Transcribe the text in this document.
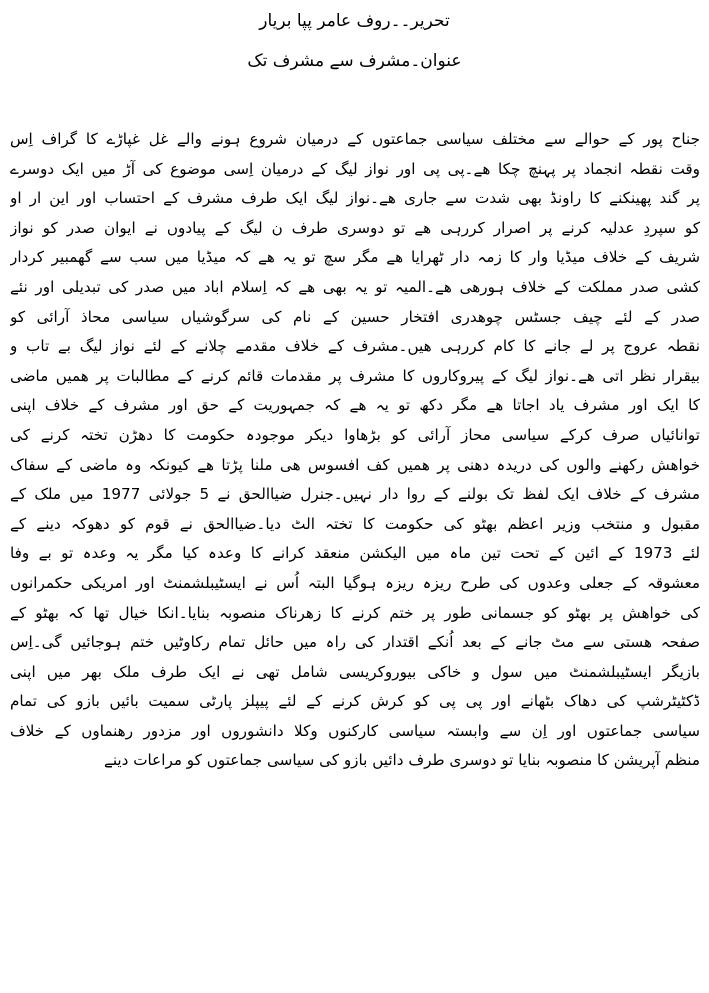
تحریر۔۔روف عامر پپا بریار
عنوان۔مشرف سے مشرف تک
جناح پور کے حوالے سے مختلف سیاسی جماعتوں کے درمیان شروع ہونے والے غل غپاڑے کا گراف اِس
وقت نقطہ انجماد پر پہنچ چکا ھے۔پی پی اور نواز لیگ کے درمیان اِسی موضوع کی آڑ میں ایک دوسرے
پر گند پھینکنے کا راونڈ بھی شدت سے جاری ھے۔نواز لیگ ایک طرف مشرف کے احتساب اور این ار او
کو سپردِ عدلیہ کرنے پر اصرار کررہی ھے تو دوسری طرف ن لیگ کے پیادوں نے ایوان صدر کو نواز
شریف کے خلاف میڈیا وار کا زمہ دار ٹھرایا ھے مگر سچ تو یہ ھے کہ میڈیا میں سب سے گھمبیر کردار
کشی صدر مملکت کے خلاف ہورھی ھے۔المیہ تو یہ بھی ھے کہ اِسلام اباد میں صدر کی تبدیلی اور نئے
صدر کے لئے چیف جسٹس چوھدری افتخار حسین کے نام کی سرگوشیاں سیاسی محاذ آرائی کو
نقطہ عروج پر لے جانے کا کام کررہی ھیں۔مشرف کے خلاف مقدمے چلانے کے لئے نواز لیگ بے تاب و
بیقرار نظر اتی ھے۔نواز لیگ کے پیروکاروں کا مشرف پر مقدمات قائم کرنے کے مطالبات پر ھمیں ماضی
کا ایک اور مشرف یاد اجاتا ھے مگر دکھ تو یہ ھے کہ جمہوریت کے حق اور مشرف کے خلاف اپنی
توانائیاں صرف کرکے سیاسی محاز آرائی کو بڑھاوا دیکر موجودہ حکومت کا دھڑن تختہ کرنے کی
خواھش رکھنے والوں کی دریدہ دھنی پر ھمیں کف افسوس ھی ملنا پڑتا ھے کیونکہ وہ ماضی کے سفاک
مشرف کے خلاف ایک لفظ تک بولنے کے روا دار نہیں۔جنرل ضیاالحق نے 5 جولائی 1977 میں ملک کے
مقبول و منتخب وزیر اعظم بھٹو کی حکومت کا تختہ الٹ دیا۔ضیاالحق نے قوم کو دھوکہ دینے کے
لئے 1973 کے ائین کے تحت تین ماہ میں الیکشن منعقد کرانے کا وعدہ کیا مگر یہ وعدہ تو بے وفا
معشوقہ کے جعلی وعدوں کی طرح ریزہ ریزہ ہوگیا البتہ اُس نے ایسٹیبلشمنٹ اور امریکی حکمرانوں
کی خواھش پر بھٹو کو جسمانی طور پر ختم کرنے کا زھرناک منصوبہ بنایا۔انکا خیال تھا کہ بھٹو کے
صفحہ ھستی سے مٹ جانے کے بعد اُنکے اقتدار کی راہ میں حائل تمام رکاوٹیں ختم ہوجائیں گی۔اِس
بازیگر ایسٹیبلشمنٹ میں سول و خاکی بیوروکریسی شامل تھی نے ایک طرف ملک بھر میں اپنی
ڈکٹیٹرشپ کی دھاک بٹھانے اور پی پی کو کرش کرنے کے لئے پیپلز پارٹی سمیت بائیں بازو کی تمام
سیاسی جماعتوں اور اِن سے وابستہ سیاسی کارکنوں وکلا دانشوروں اور مزدور رھنماوں کے خلاف
منظم آپریشن کا منصوبہ بنایا تو دوسری طرف دائیں بازو کی سیاسی جماعتوں کو مراعات دینے
